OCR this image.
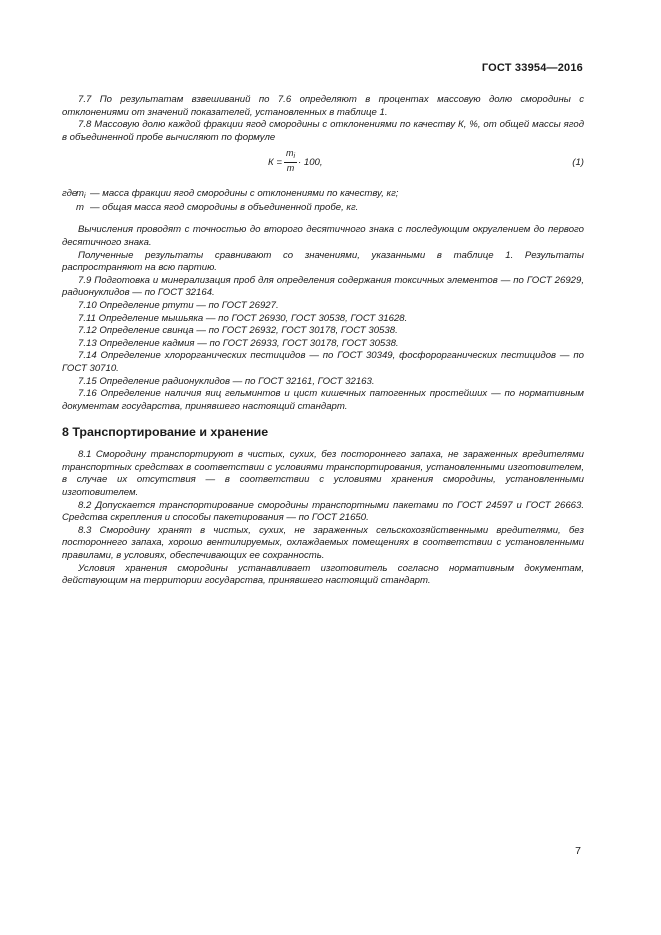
ГОСТ 33954—2016

7.7 По результатам взвешиваний по 7.6 определяют в процентах массовую долю смородины с отклонениями от значений показателей, установленных в таблице 1.

7.8 Массовую долю каждой фракции ягод смородины с отклонениями по качеству К, %, от общей массы ягод в объединенной пробе вычисляют по формуле

$К = \frac{m_i}{m} \cdot 100$,	(1)
где
$m_i$ — масса фракции ягод смородины с отклонениями по качеству, кг;
m — общая масса ягод смородины в объединенной пробе, кг.

Вычисления проводят с точностью до второго десятичного знака с последующим округлением до первого десятичного знака.

Полученные результаты сравнивают со значениями, указанными в таблице 1. Результаты распространяют на всю партию.

7.9 Подготовка и минерализация проб для определения содержания токсичных элементов — по ГОСТ 26929, радионуклидов — по ГОСТ 32164.

7.10 Определение ртути — по ГОСТ 26927.

7.11 Определение мышьяка — по ГОСТ 26930, ГОСТ 30538, ГОСТ 31628.

7.12 Определение свинца — по ГОСТ 26932, ГОСТ 30178, ГОСТ 30538.

7.13 Определение кадмия — по ГОСТ 26933, ГОСТ 30178, ГОСТ 30538.

7.14 Определение хлорорганических пестицидов — по ГОСТ 30349, фосфорорганических пестицидов — по ГОСТ 30710.

7.15 Определение радионуклидов — по ГОСТ 32161, ГОСТ 32163.

7.16 Определение наличия яиц гельминтов и цист кишечных патогенных простейших — по нормативным документам государства, принявшего настоящий стандарт.

8 Транспортирование и хранение

8.1 Смородину транспортируют в чистых, сухих, без постороннего запаха, не зараженных вредителями транспортных средствах в соответствии с условиями транспортирования, установленными изготовителем, в случае их отсутствия — в соответствии с условиями хранения смородины, установленными изготовителем.

8.2 Допускается транспортирование смородины транспортными пакетами по ГОСТ 24597 и ГОСТ 26663. Средства скрепления и способы пакетирования — по ГОСТ 21650.

8.3 Смородину хранят в чистых, сухих, не зараженных сельскохозяйственными вредителями, без постороннего запаха, хорошо вентилируемых, охлаждаемых помещениях в соответствии с установленными правилами, в условиях, обеспечивающих ее сохранность.

Условия хранения смородины устанавливает изготовитель согласно нормативным документам, действующим на территории государства, принявшего настоящий стандарт.

7
